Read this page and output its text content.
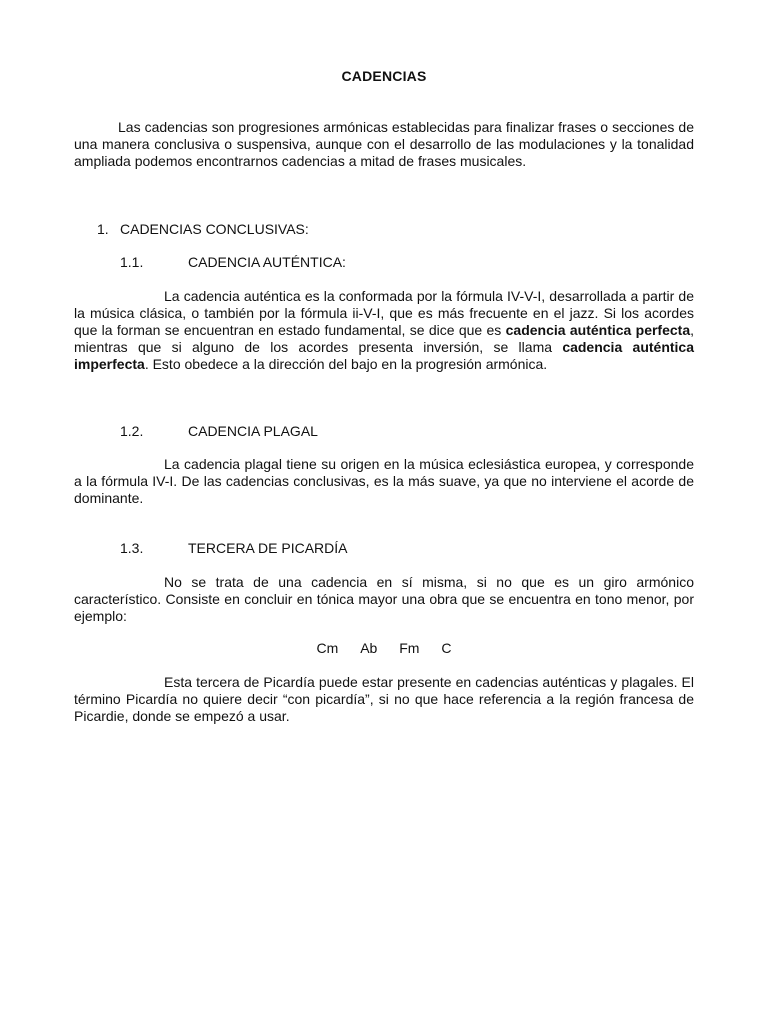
CADENCIAS

Las cadencias son progresiones armónicas establecidas para finalizar frases o secciones de una manera conclusiva o suspensiva, aunque con el desarrollo de las modulaciones y la tonalidad ampliada podemos encontrarnos cadencias a mitad de frases musicales.

1. CADENCIAS CONCLUSIVAS:
1.1.	CADENCIA AUTÉNTICA:

La cadencia auténtica es la conformada por la fórmula IV-V-I, desarrollada a partir de la música clásica, o también por la fórmula ii-V-I, que es más frecuente en el jazz. Si los acordes que la forman se encuentran en estado fundamental, se dice que es cadencia auténtica perfecta, mientras que si alguno de los acordes presenta inversión, se llama cadencia auténtica imperfecta. Esto obedece a la dirección del bajo en la progresión armónica.

1.2.	CADENCIA PLAGAL

La cadencia plagal tiene su origen en la música eclesiástica europea, y corresponde a la fórmula IV-I. De las cadencias conclusivas, es la más suave, ya que no interviene el acorde de dominante.

1.3.	TERCERA DE PICARDÍA

No se trata de una cadencia en sí misma, si no que es un giro armónico característico. Consiste en concluir en tónica mayor una obra que se encuentra en tono menor, por ejemplo:

Cm Ab Fm C

Esta tercera de Picardía puede estar presente en cadencias auténticas y plagales. El término Picardía no quiere decir “con picardía”, si no que hace referencia a la región francesa de Picardie, donde se empezó a usar.
